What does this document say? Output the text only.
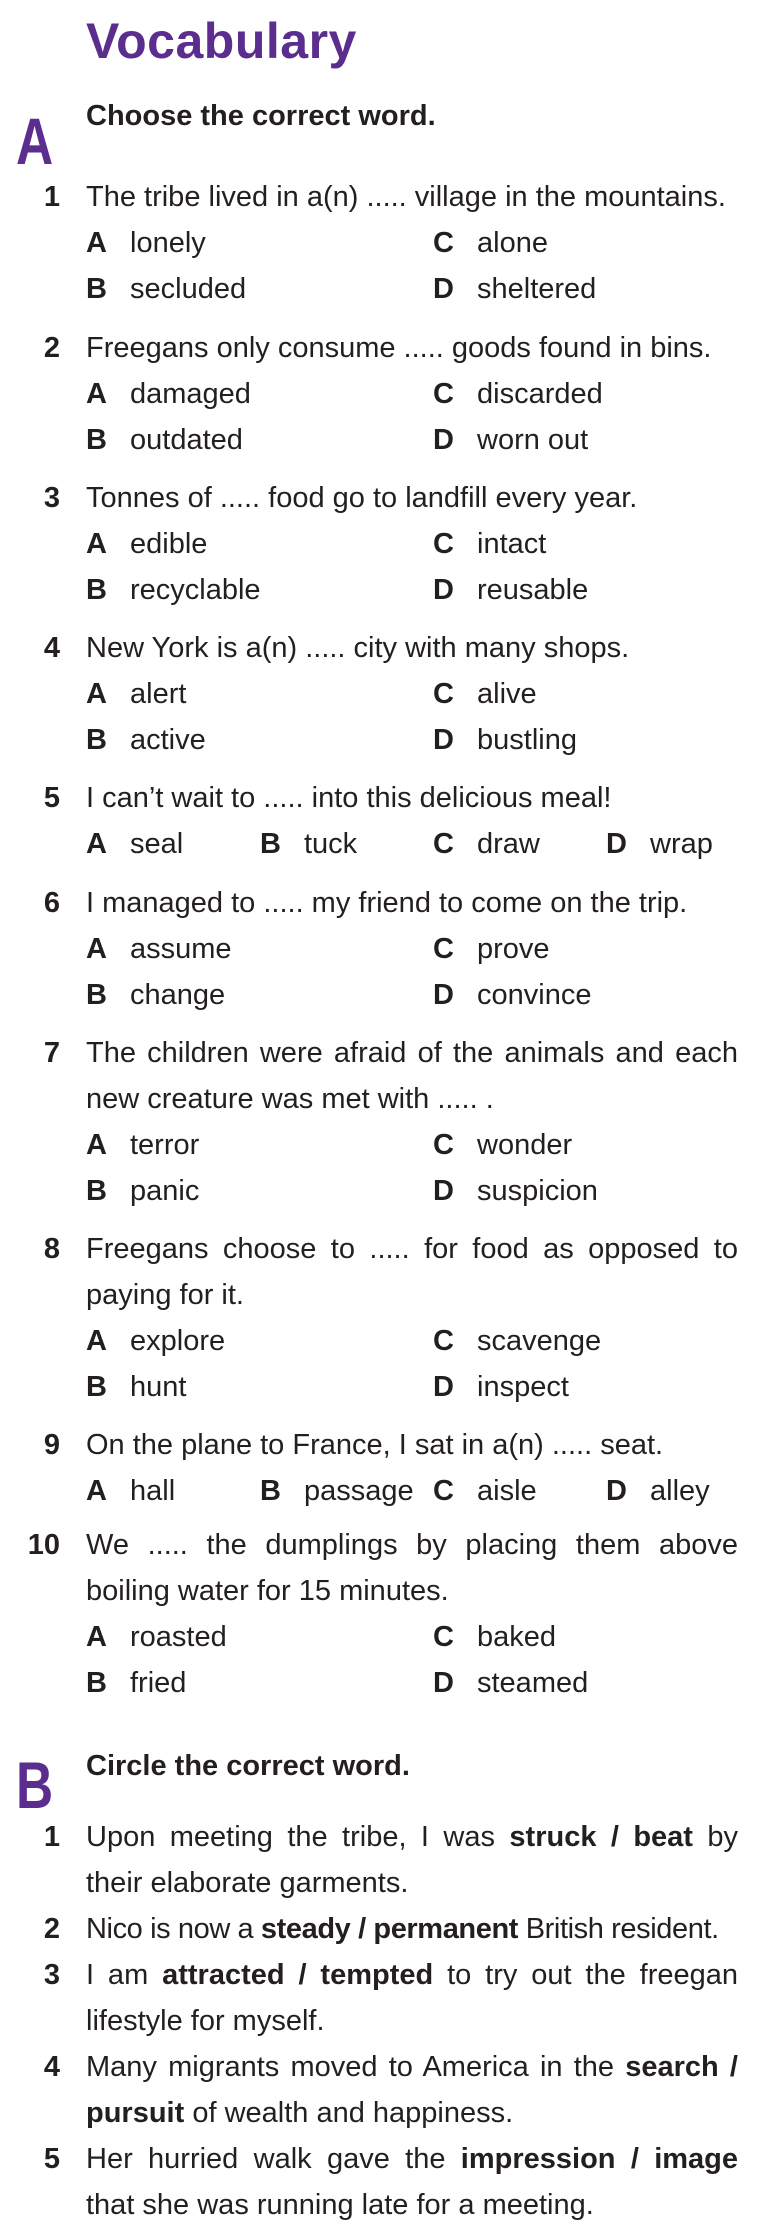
Vocabulary
A Choose the correct word.
1 The tribe lived in a(n) ..... village in the mountains.
A lonely	C alone
B secluded	D sheltered
2 Freegans only consume ..... goods found in bins.
A damaged	C discarded
B outdated	D worn out
3 Tonnes of ..... food go to landfill every year.
A edible	C intact
B recyclable	D reusable
4 New York is a(n) ..... city with many shops.
A alert	C alive
B active	D bustling
5 I can’t wait to ..... into this delicious meal!
A seal	B tuck	C draw D wrap
6 I managed to ..... my friend to come on the trip.
A assume	C prove
B change	D convince
7 The children were afraid of the animals and each
new creature was met with ..... .
A terror	C wonder
B panic	D suspicion
8 Freegans choose to ..... for food as opposed to
paying for it.
A explore	C scavenge
B hunt	D inspect
9 On the plane to France, I sat in a(n) ..... seat.
A hall	B passage C aisle D alley
10 We ..... the dumplings by placing them above
boiling water for 15 minutes.
A roasted	C baked
B fried	D steamed
B Circle the correct word.
1 Upon meeting the tribe, I was struck / beat by
their elaborate garments.
2 Nico is now a steady / permanent British resident.
3 I am attracted / tempted to try out the freegan
lifestyle for myself.
4 Many migrants moved to America in the search /
pursuit of wealth and happiness.
5 Her hurried walk gave the impression / image
that she was running late for a meeting.
